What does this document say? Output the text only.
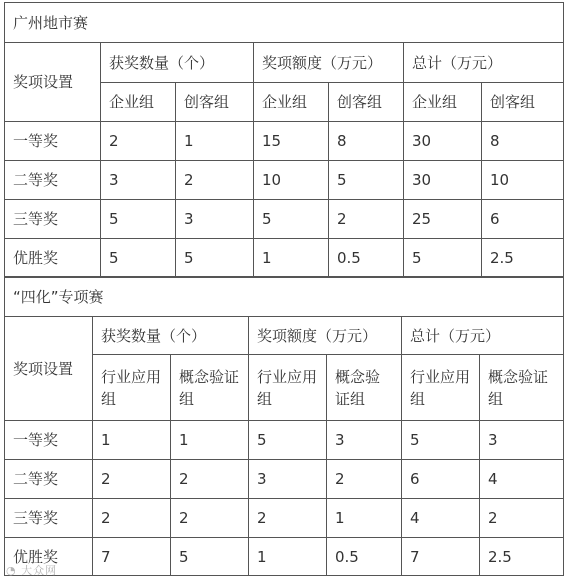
广州地市赛						
奖项设置	获奖数量（个）		奖项额度（万元）		总计（万元）	
	企业组	创客组	企业组	创客组	企业组	创客组
一等奖	2	1	15	8	30	8
二等奖	3	2	10	5	30	10
三等奖	5	3	5	2	25	6
优胜奖	5	5	1	0.5	5	2.5
“四化”专项赛						
奖项设置	获奖数量（个）		奖项额度（万元）		总计（万元）	
	行业应用组	概念验证组	行业应用组	概念验证组	行业应用组	概念验证组
一等奖	1	1	5	3	5	3
二等奖	2	2	3	2	6	4
三等奖	2	2	2	1	4	2
优胜奖	7	5	1	0.5	7	2.5
◔ 大众网
